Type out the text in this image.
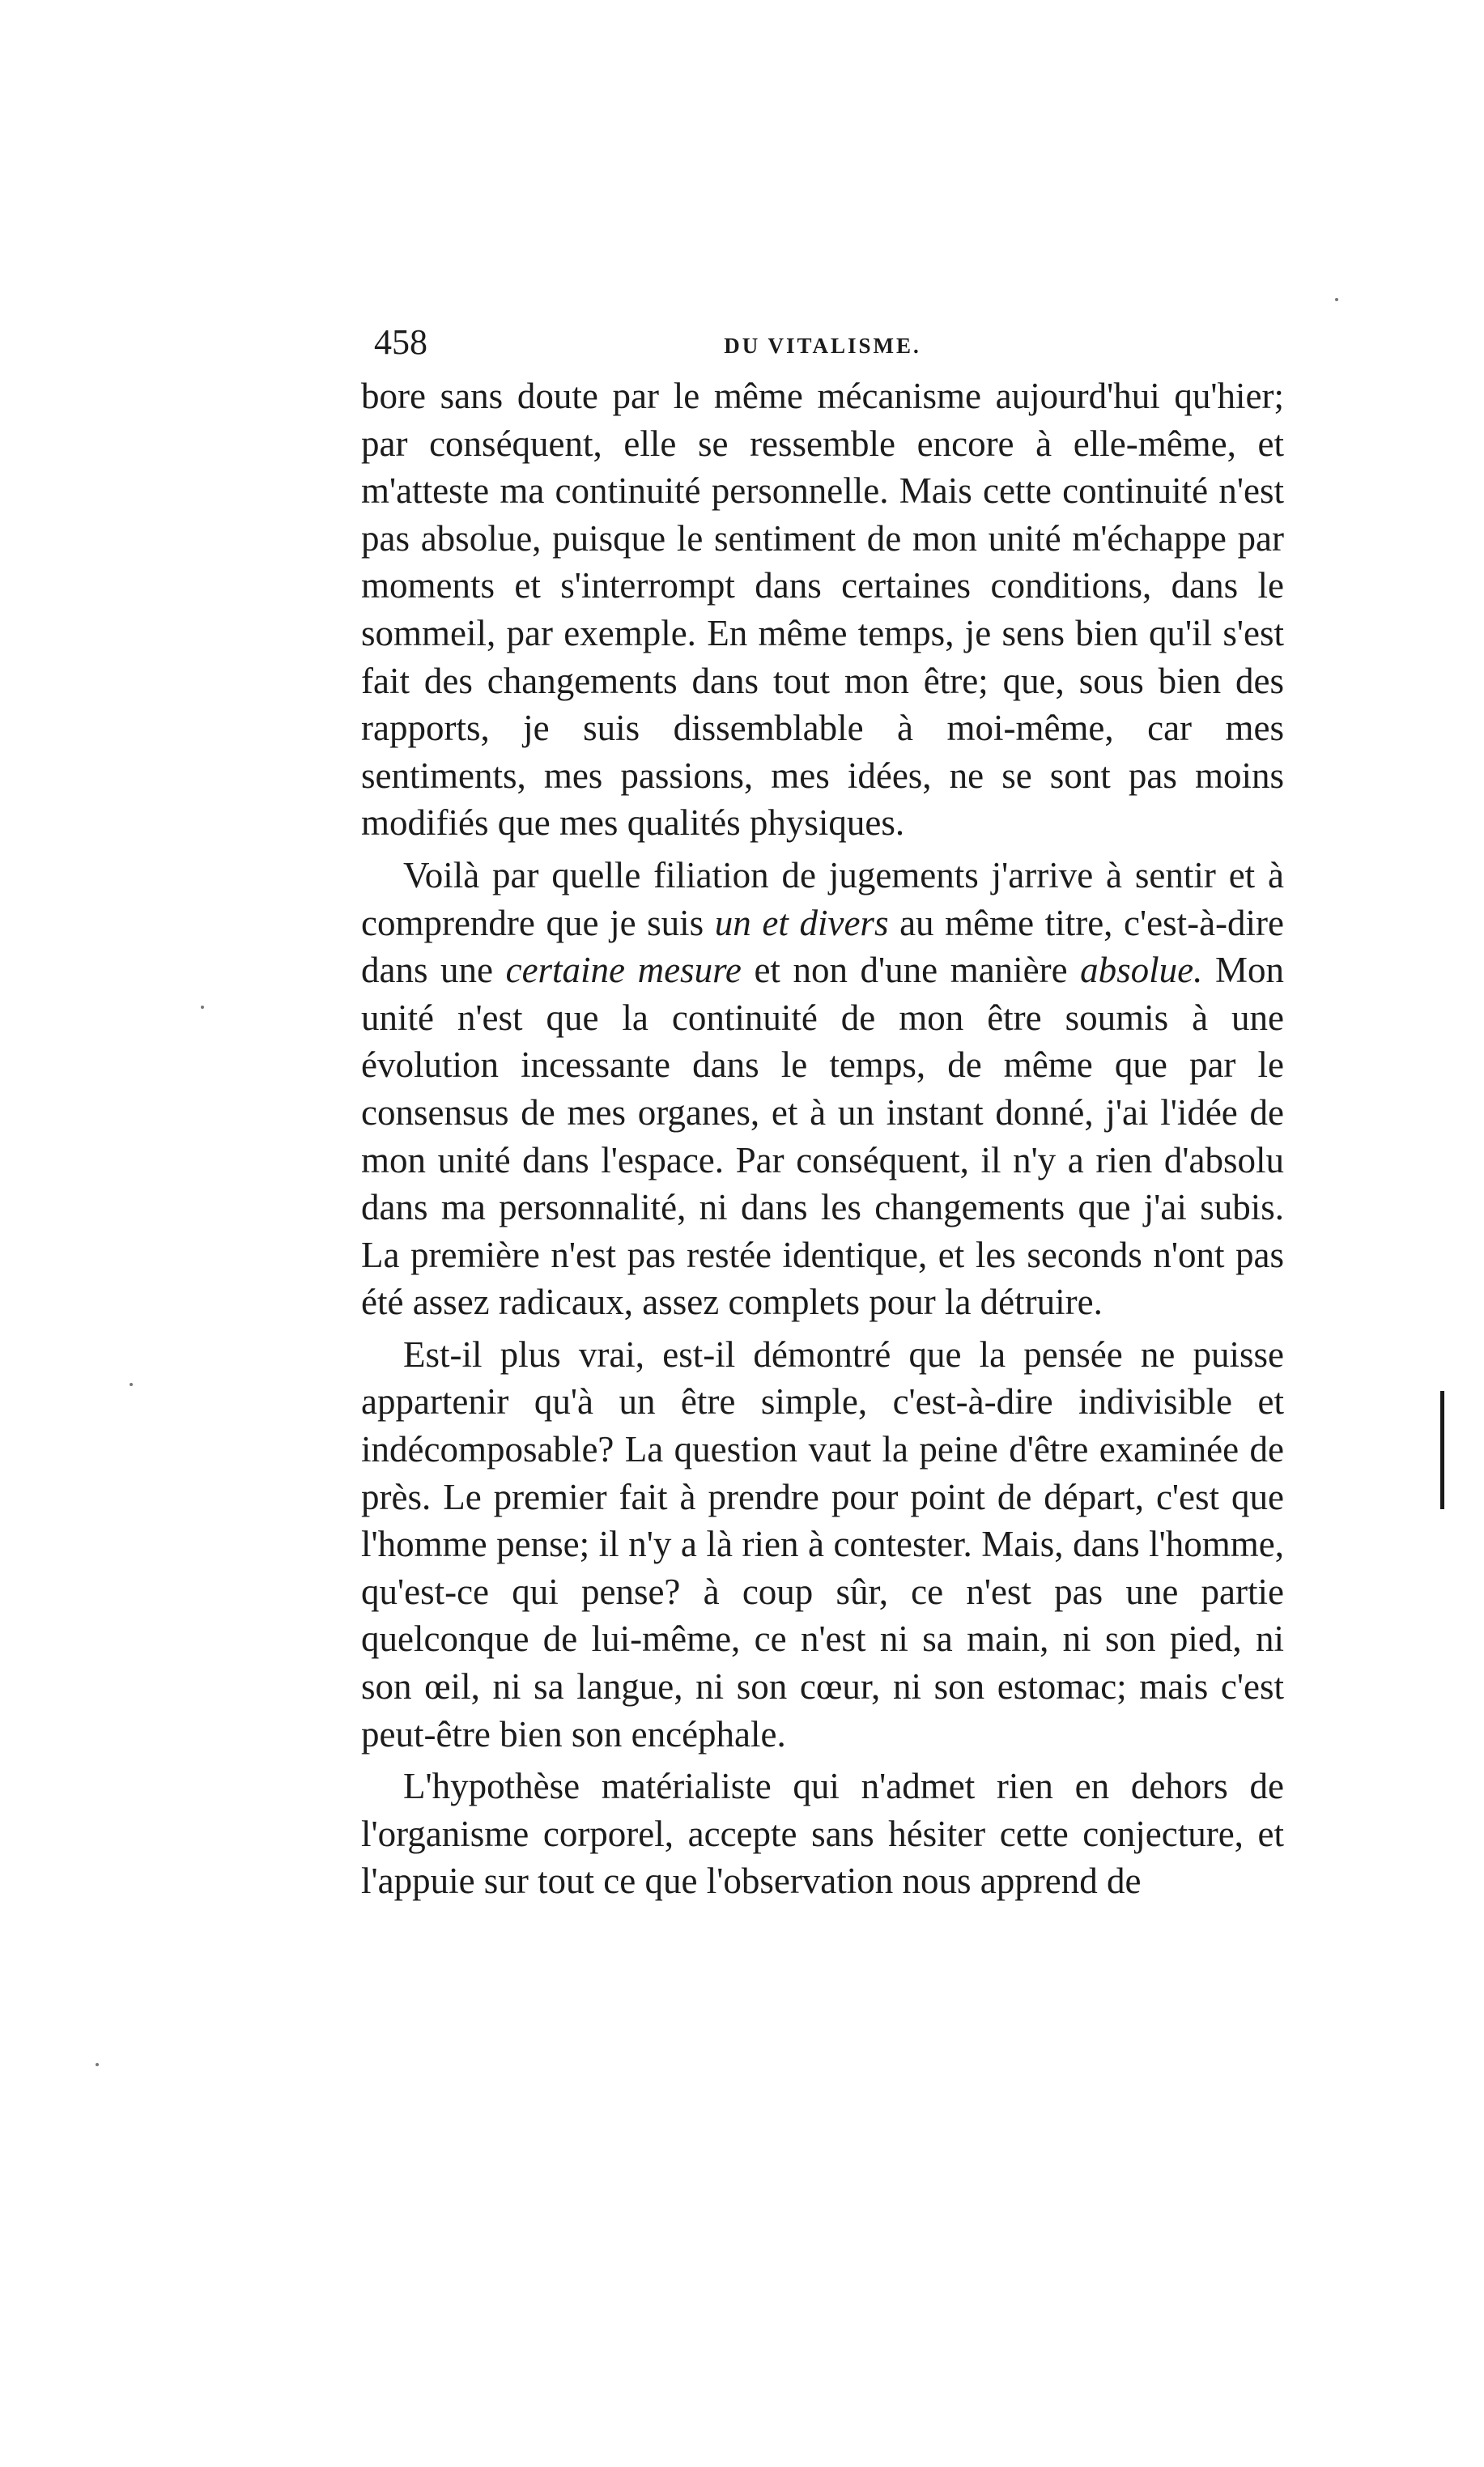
458	DU VITALISME.

bore sans doute par le même mécanisme aujourd'hui qu'hier; par conséquent, elle se ressemble encore à elle-même, et m'atteste ma continuité personnelle. Mais cette continuité n'est pas absolue, puisque le sentiment de mon unité m'échappe par moments et s'interrompt dans certaines conditions, dans le sommeil, par exemple. En même temps, je sens bien qu'il s'est fait des changements dans tout mon être; que, sous bien des rapports, je suis dissemblable à moi-même, car mes sentiments, mes passions, mes idées, ne se sont pas moins modifiés que mes qualités physiques.

Voilà par quelle filiation de jugements j'arrive à sentir et à comprendre que je suis un et divers au même titre, c'est-à-dire dans une certaine mesure et non d'une manière absolue. Mon unité n'est que la continuité de mon être soumis à une évolution incessante dans le temps, de même que par le consensus de mes organes, et à un instant donné, j'ai l'idée de mon unité dans l'espace. Par conséquent, il n'y a rien d'absolu dans ma personnalité, ni dans les changements que j'ai subis. La première n'est pas restée identique, et les seconds n'ont pas été assez radicaux, assez complets pour la détruire.

Est-il plus vrai, est-il démontré que la pensée ne puisse appartenir qu'à un être simple, c'est-à-dire indivisible et indécomposable? La question vaut la peine d'être examinée de près. Le premier fait à prendre pour point de départ, c'est que l'homme pense; il n'y a là rien à contester. Mais, dans l'homme, qu'est-ce qui pense? à coup sûr, ce n'est pas une partie quelconque de lui-même, ce n'est ni sa main, ni son pied, ni son œil, ni sa langue, ni son cœur, ni son estomac; mais c'est peut-être bien son encéphale.

L'hypothèse matérialiste qui n'admet rien en dehors de l'organisme corporel, accepte sans hésiter cette conjecture, et l'appuie sur tout ce que l'observation nous apprend de
